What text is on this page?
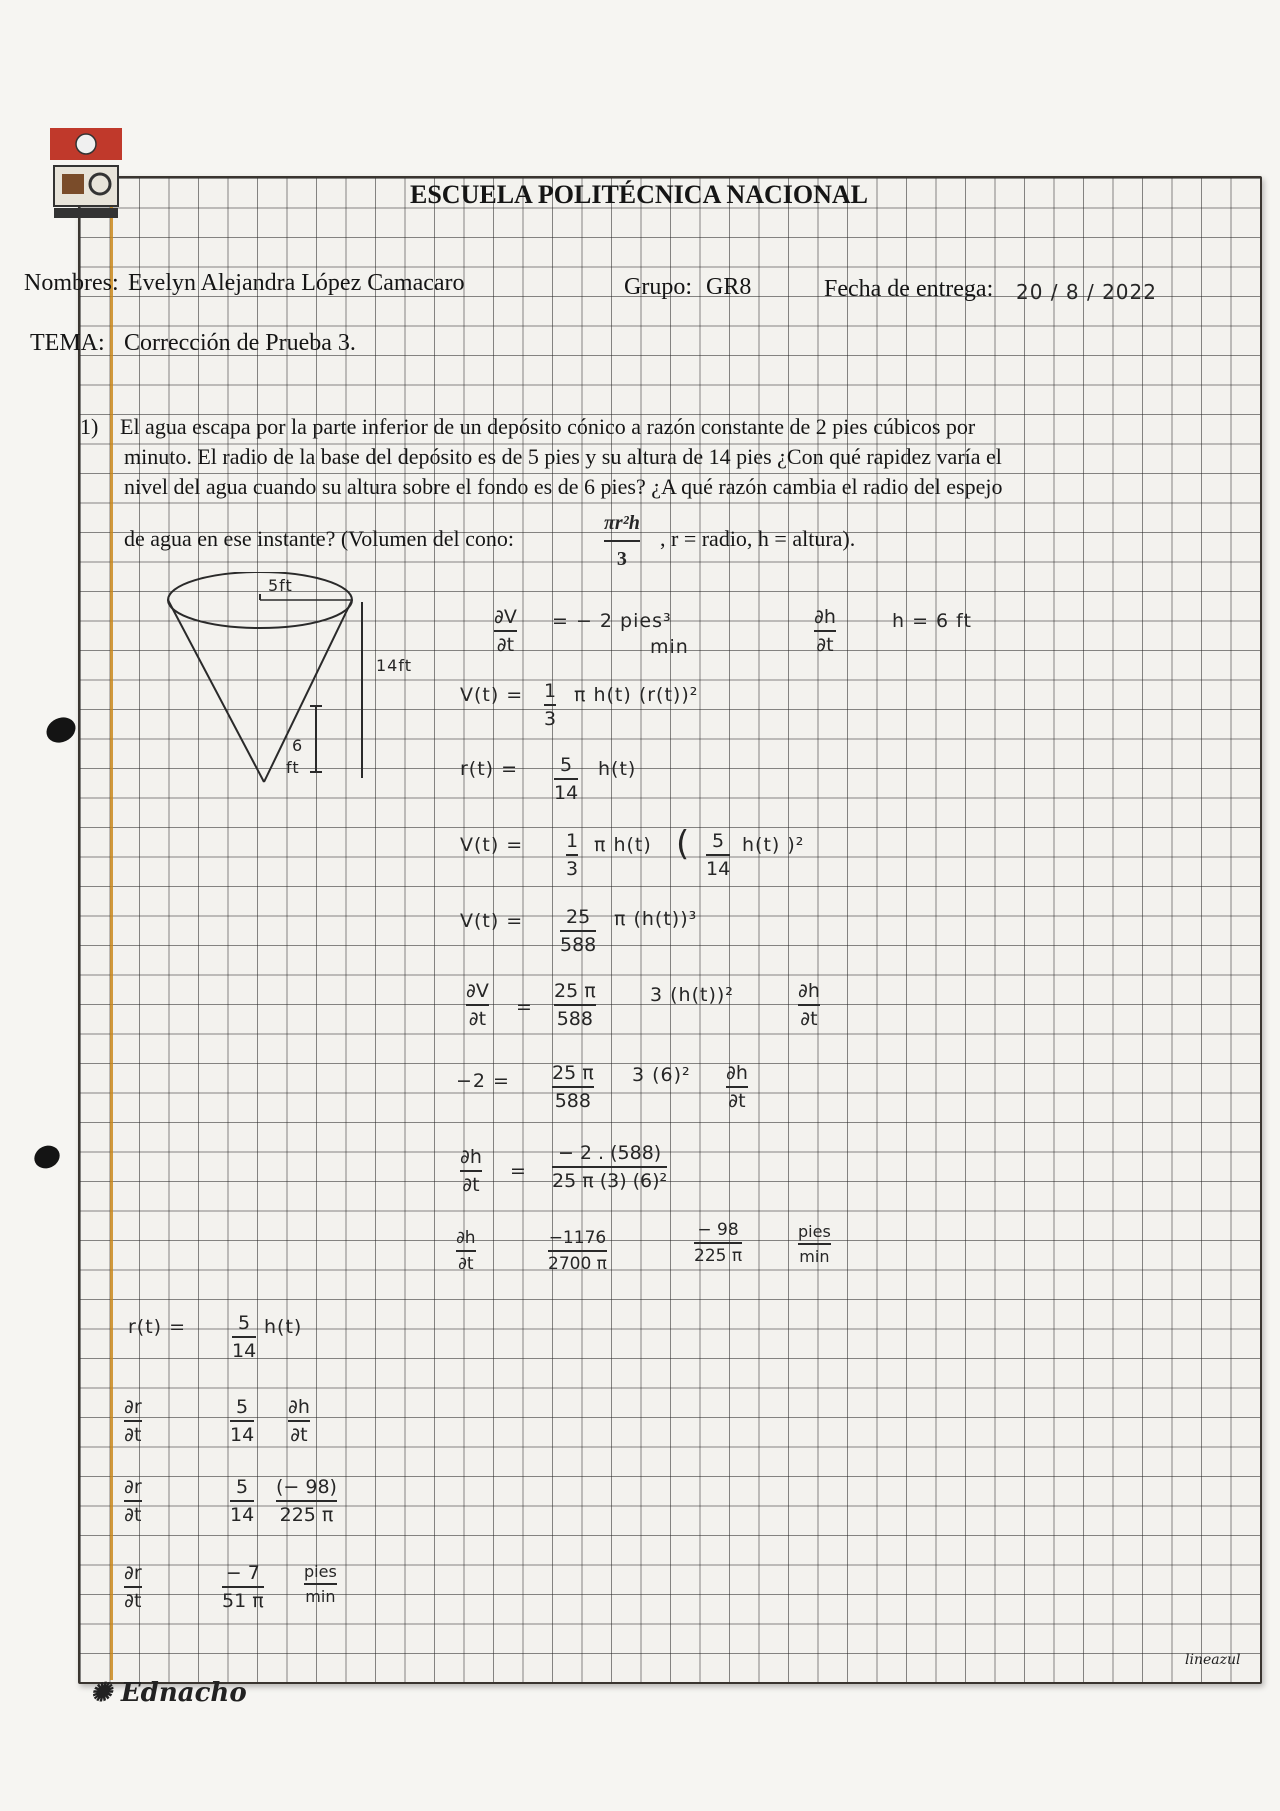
ESCUELA POLITÉCNICA NACIONAL
Nombres: Evelyn Alejandra López Camacaro	Grupo: GR8	Fecha de entrega: 20 / 8 / 2022
TEMA: Corrección de Prueba 3.
1) El agua escapa por la parte inferior de un depósito cónico a razón constante de 2 pies cúbicos por
minuto. El radio de la base del depósito es de 5 pies y su altura de 14 pies ¿Con qué rapidez varía el
nivel del agua cuando su altura sobre el fondo es de 6 pies? ¿A qué razón cambia el radio del espejo
de agua en ese instante? (Volumen del cono:
πr²h
3
, r = radio, h = altura).
5ft
14ft
6
ft
∂V
∂t
= − 2 pies³
min
∂h
∂t
h = 6 ft
V(t) = 1
3
π h(t) (r(t))²
r(t) = 5
14
h(t)
V(t) = 1
3
π h(t) ( 5
14
h(t) )²
V(t) = 25
588
π (h(t))³
∂V
∂t
=
25 π
588
3 (h(t))²	∂h
∂t
−2 = 25 π
588
3 (6)² ∂h
∂t
∂h
∂t
=
− 2 . (588)
25 π (3) (6)²
∂h
∂t
−1176
2700 π
− 98
225 π
pies
min
r(t) =	5
14
h(t)
∂r
∂t
5
14
∂h
∂t
∂r
∂t
5
14
(− 98)
225 π
∂r
∂t
− 7
51 π
pies
min
✺ Ednacho
lineazul
